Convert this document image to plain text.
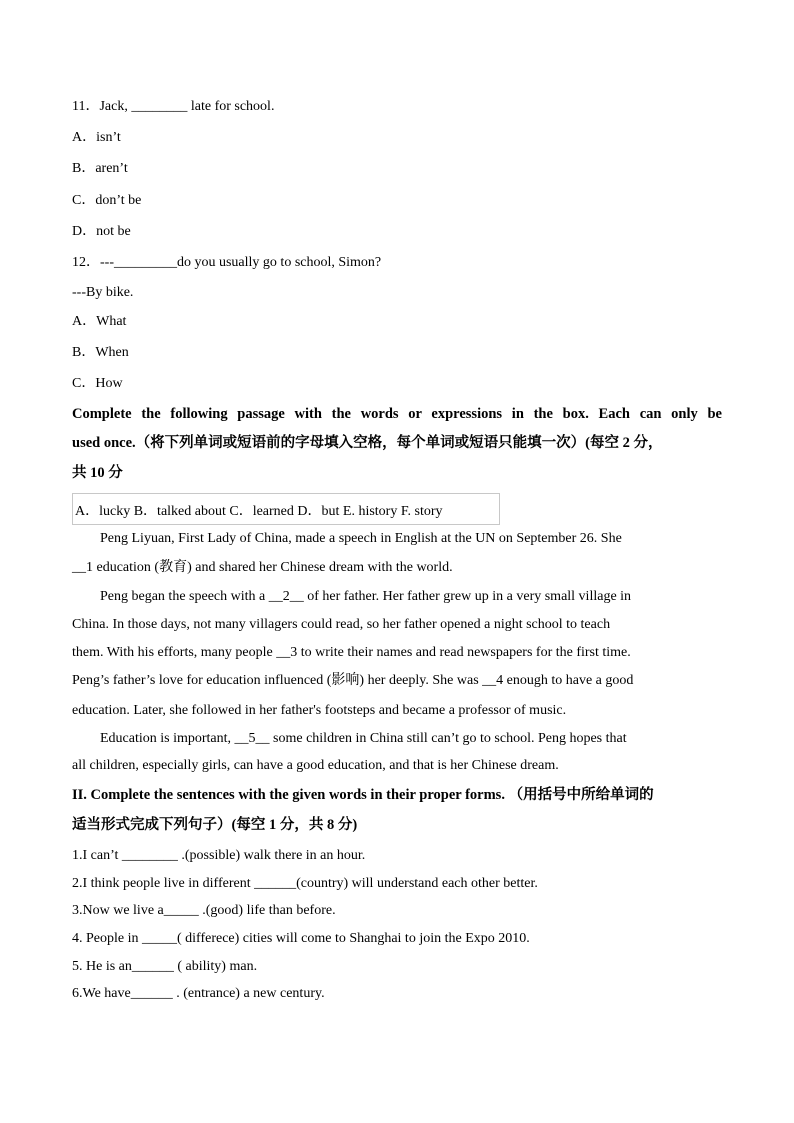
11．Jack, ________ late for school.
A．isn’t
B．aren’t
C．don’t be
D．not be
12．---_________do you usually go to school, Simon?
---By bike.
A．What
B．When
C．How
Complete the following passage with the words or expressions in the box. Each can only be
used once.（将下列单词或短语前的字母填入空格，每个单词或短语只能填一次）(每空 2 分，
共 10 分
A．lucky B．talked about C．learned D．but E. history F. story
Peng Liyuan, First Lady of China, made a speech in English at the UN on September 26. She
__1 education (教育) and shared her Chinese dream with the world.
Peng began the speech with a __2__ of her father. Her father grew up in a very small village in
China. In those days, not many villagers could read, so her father opened a night school to teach
them. With his efforts, many people __3 to write their names and read newspapers for the first time.
Peng’s father’s love for education influenced (影响) her deeply. She was __4 enough to have a good
education. Later, she followed in her father's footsteps and became a professor of music.
Education is important, __5__ some children in China still can’t go to school. Peng hopes that
all children, especially girls, can have a good education, and that is her Chinese dream.
II. Complete the sentences with the given words in their proper forms. （用括号中所给单词的
适当形式完成下列句子）(每空 1 分，共 8 分)
1.I can’t ________ .(possible) walk there in an hour.
2.I think people live in different ______(country) will understand each other better.
3.Now we live a_____ .(good) life than before.
4. People in _____( differece) cities will come to Shanghai to join the Expo 2010.
5. He is an______ ( ability) man.
6.We have______ . (entrance) a new century.
